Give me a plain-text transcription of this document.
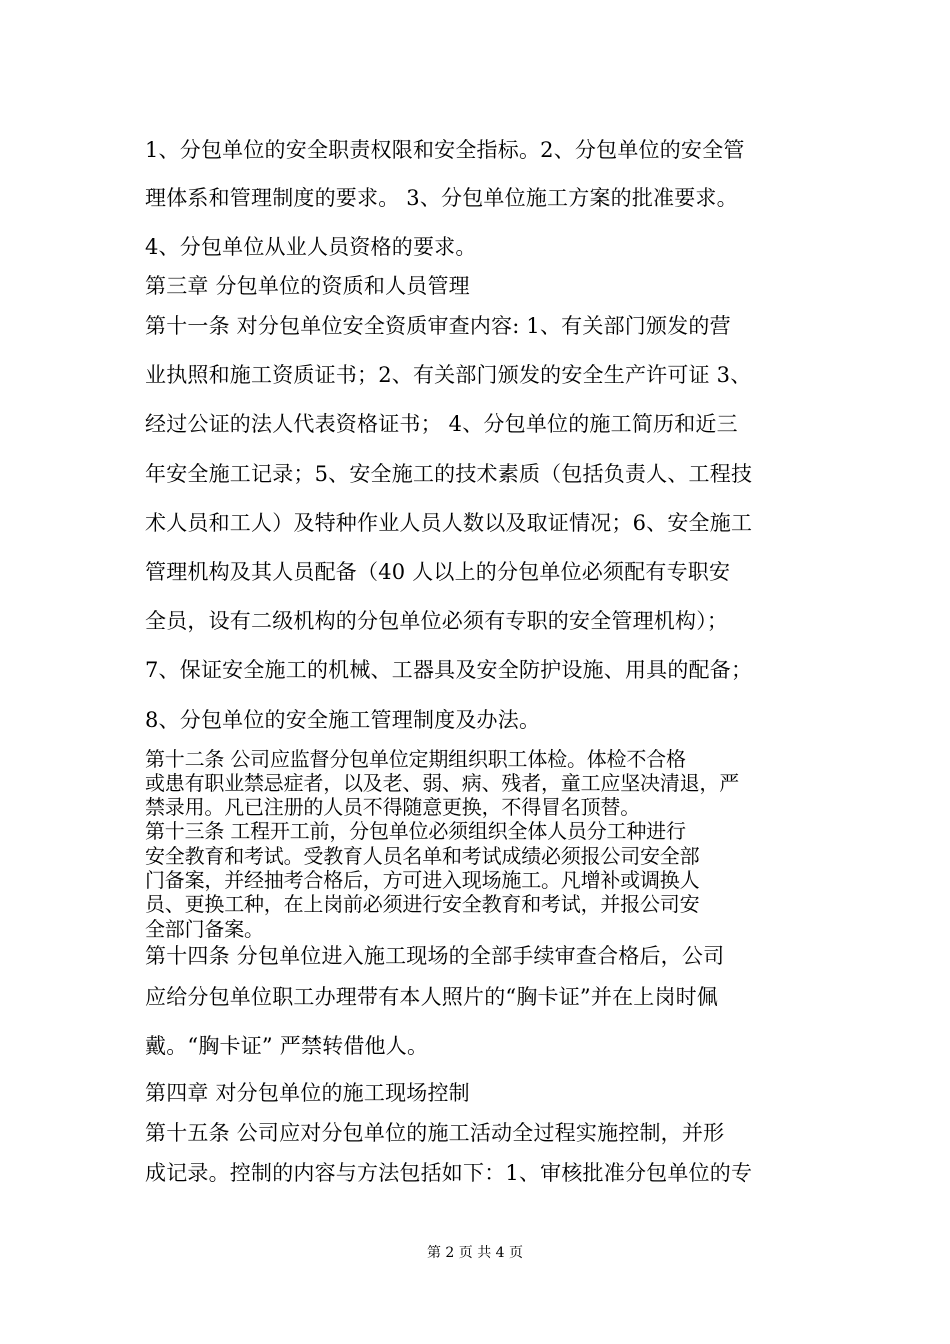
1、分包单位的安全职责权限和安全指标。2、分包单位的安全管
理体系和管理制度的要求。 3、分包单位施工方案的批准要求。
4、分包单位从业人员资格的要求。
第三章 分包单位的资质和人员管理
第十一条 对分包单位安全资质审查内容: 1、有关部门颁发的营
业执照和施工资质证书；2、有关部门颁发的安全生产许可证 3、
经过公证的法人代表资格证书； 4、分包单位的施工简历和近三
年安全施工记录；5、安全施工的技术素质（包括负责人、工程技
术人员和工人）及特种作业人员人数以及取证情况；6、安全施工
管理机构及其人员配备（40 人以上的分包单位必须配有专职安
全员，设有二级机构的分包单位必须有专职的安全管理机构）；
7、保证安全施工的机械、工器具及安全防护设施、用具的配备；
8、分包单位的安全施工管理制度及办法。
第十二条 公司应监督分包单位定期组织职工体检。体检不合格
或患有职业禁忌症者，以及老、弱、病、残者，童工应坚决清退，严
禁录用。凡已注册的人员不得随意更换，不得冒名顶替。
第十三条 工程开工前，分包单位必须组织全体人员分工种进行
安全教育和考试。受教育人员名单和考试成绩必须报公司安全部
门备案，并经抽考合格后，方可进入现场施工。凡增补或调换人
员、更换工种，在上岗前必须进行安全教育和考试，并报公司安
全部门备案。
第十四条 分包单位进入施工现场的全部手续审查合格后，公司
应给分包单位职工办理带有本人照片的“胸卡证”并在上岗时佩
戴。“胸卡证” 严禁转借他人。
第四章 对分包单位的施工现场控制
第十五条 公司应对分包单位的施工活动全过程实施控制，并形
成记录。控制的内容与方法包括如下：1、审核批准分包单位的专
第 2 页 共 4 页
